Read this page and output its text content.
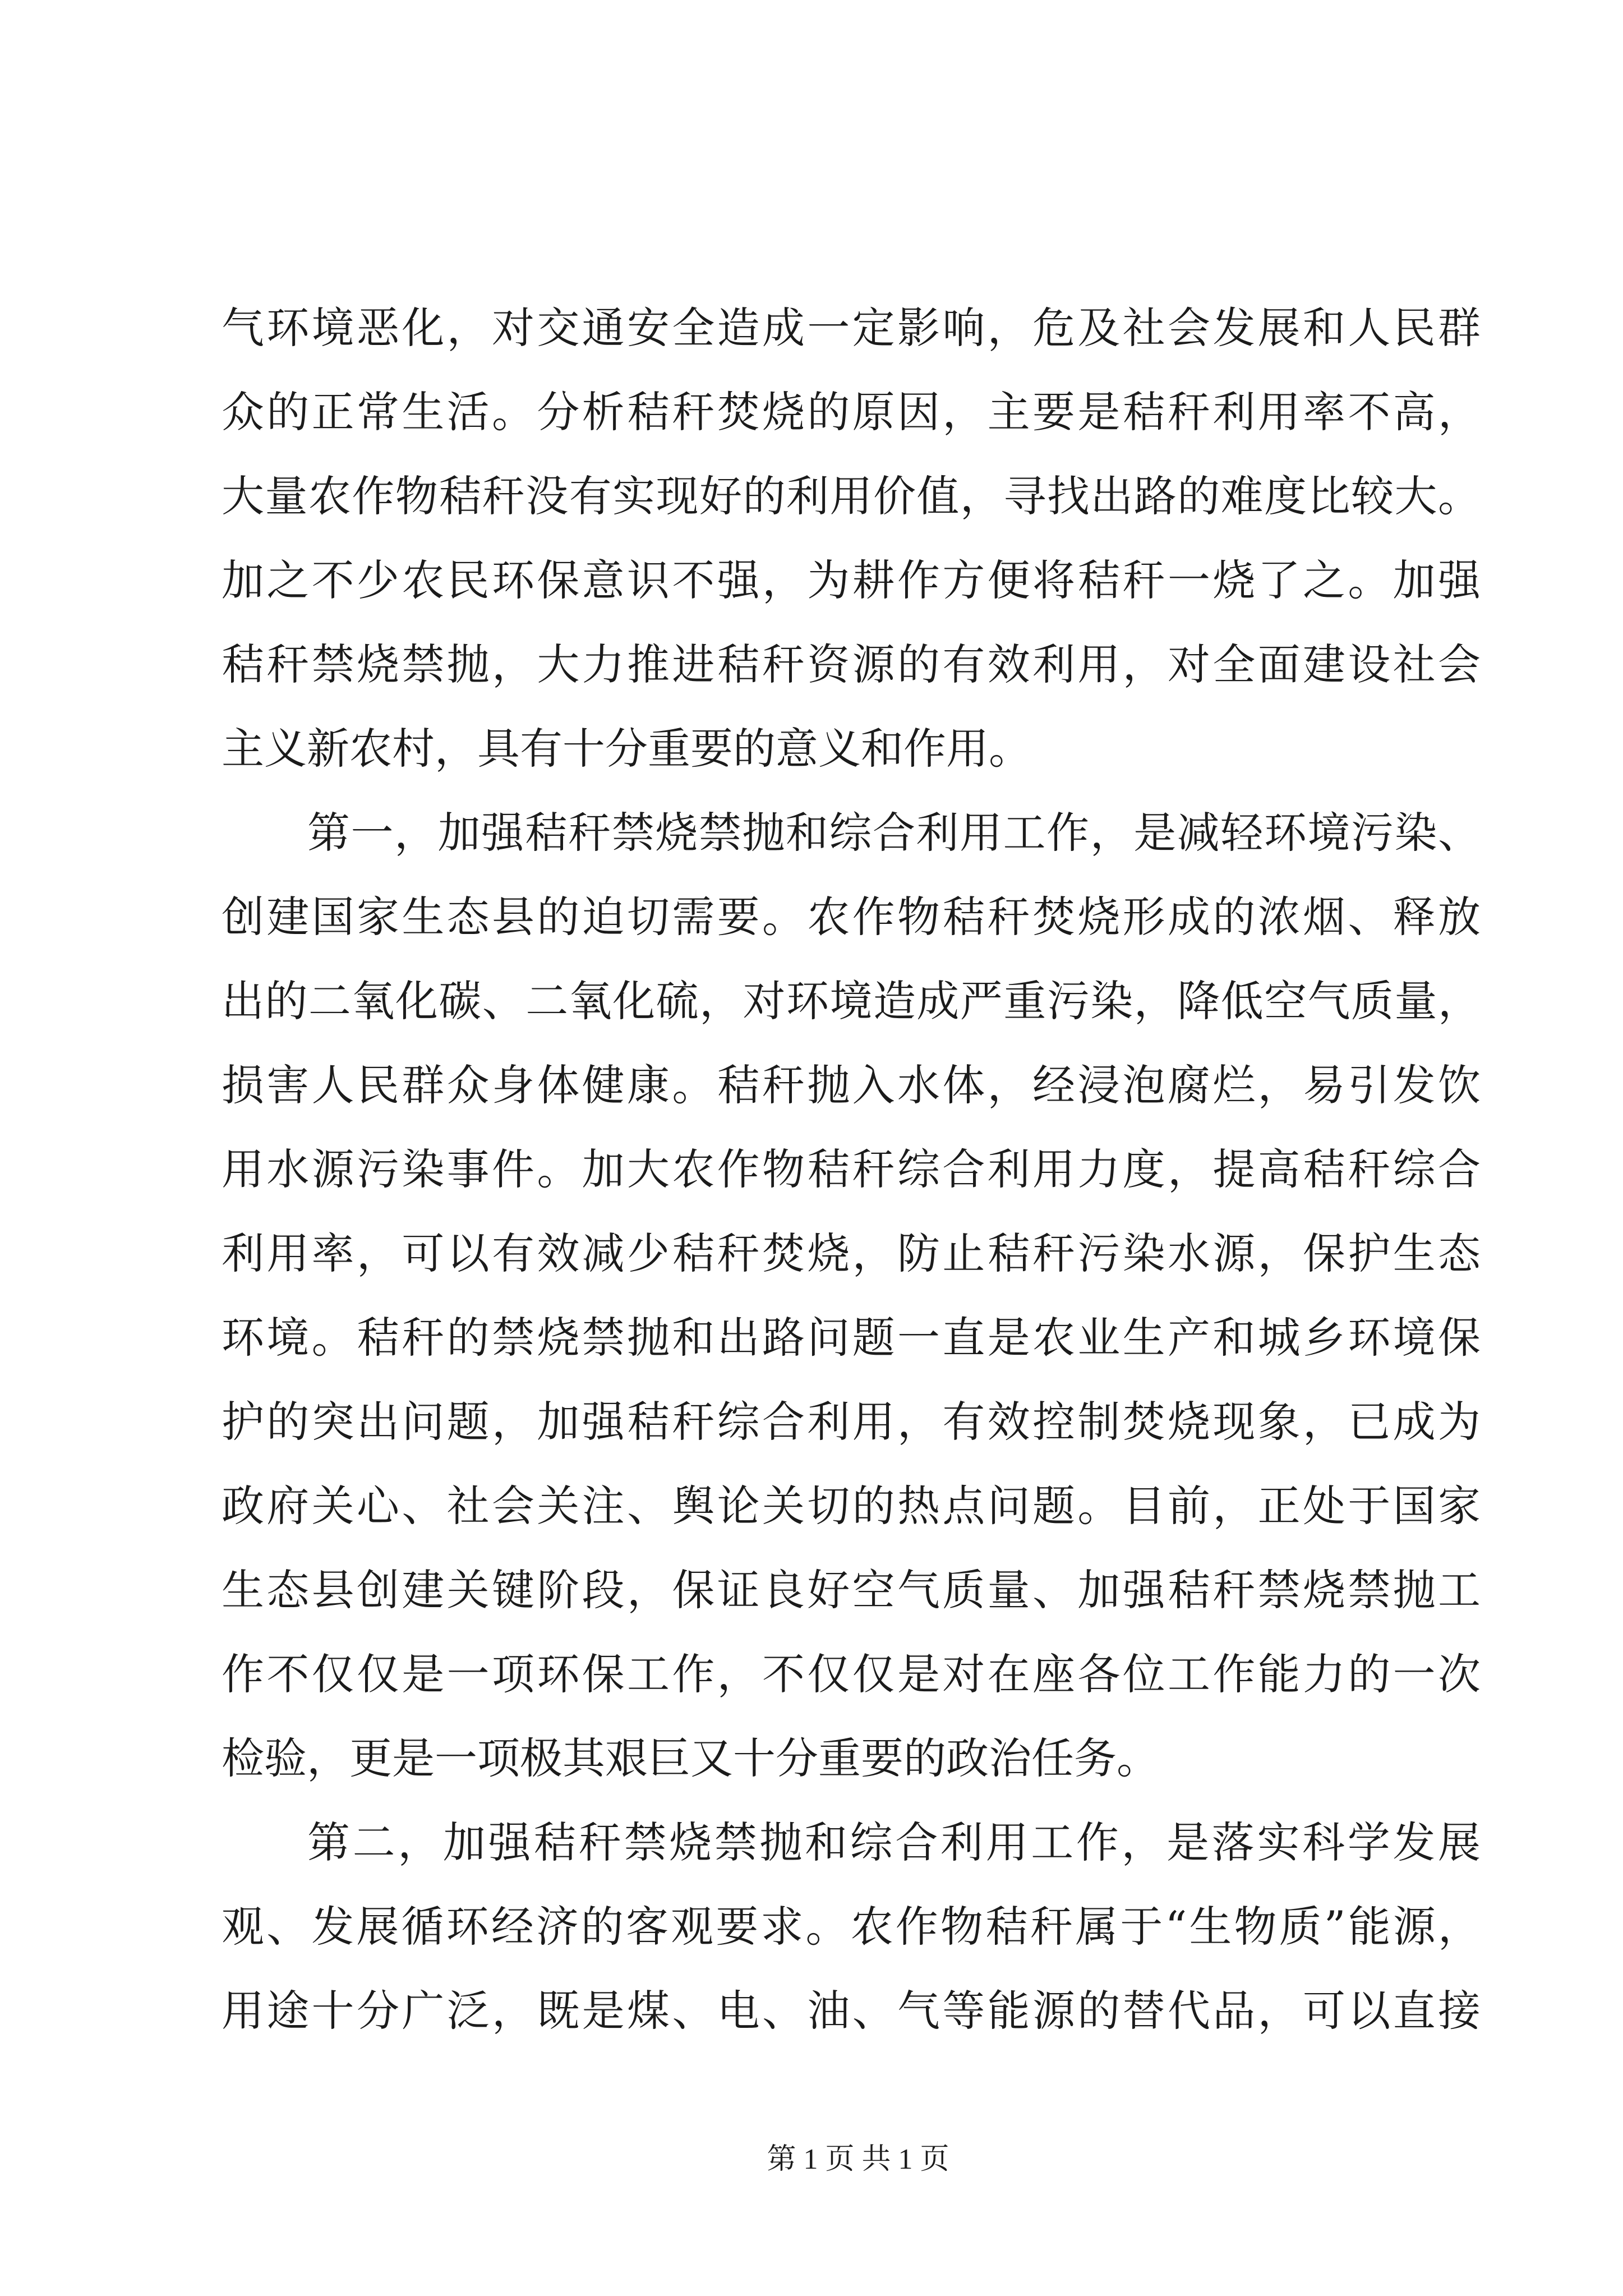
气环境恶化，对交通安全造成一定影响，危及社会发展和人民群
众的正常生活。分析秸秆焚烧的原因，主要是秸秆利用率不高，
大量农作物秸秆没有实现好的利用价值，寻找出路的难度比较大。
加之不少农民环保意识不强，为耕作方便将秸秆一烧了之。加强
秸秆禁烧禁抛，大力推进秸秆资源的有效利用，对全面建设社会
主义新农村，具有十分重要的意义和作用。
第一，加强秸秆禁烧禁抛和综合利用工作，是减轻环境污染、
创建国家生态县的迫切需要。农作物秸秆焚烧形成的浓烟、释放
出的二氧化碳、二氧化硫，对环境造成严重污染，降低空气质量，
损害人民群众身体健康。秸秆抛入水体，经浸泡腐烂，易引发饮
用水源污染事件。加大农作物秸秆综合利用力度，提高秸秆综合
利用率，可以有效减少秸秆焚烧，防止秸秆污染水源，保护生态
环境。秸秆的禁烧禁抛和出路问题一直是农业生产和城乡环境保
护的突出问题，加强秸秆综合利用，有效控制焚烧现象，已成为
政府关心、社会关注、舆论关切的热点问题。目前，正处于国家
生态县创建关键阶段，保证良好空气质量、加强秸秆禁烧禁抛工
作不仅仅是一项环保工作，不仅仅是对在座各位工作能力的一次
检验，更是一项极其艰巨又十分重要的政治任务。
第二，加强秸秆禁烧禁抛和综合利用工作，是落实科学发展
观、发展循环经济的客观要求。农作物秸秆属于“生物质”能源，
用途十分广泛，既是煤、电、油、气等能源的替代品，可以直接
第 1 页 共 1 页
